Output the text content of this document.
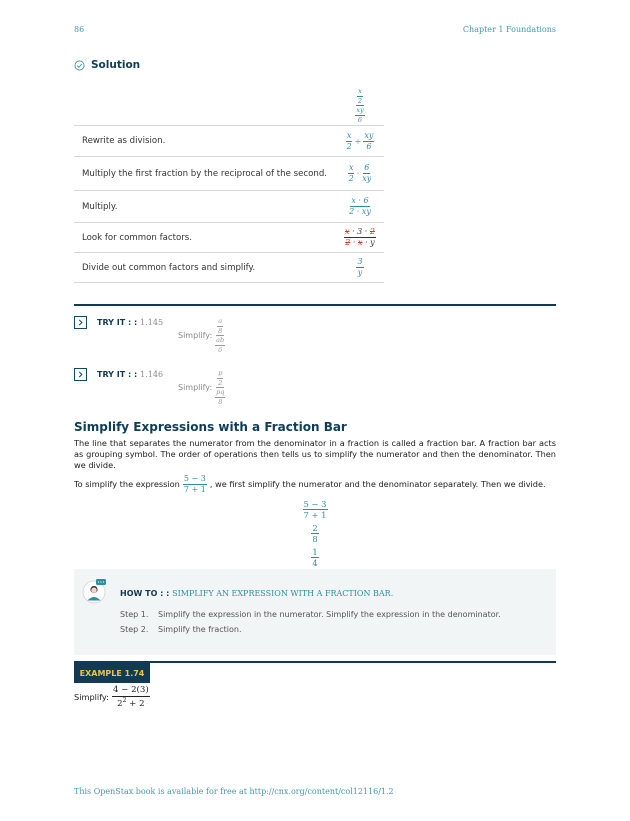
86	Chapter 1 Foundations
Solution
$\frac{\frac{x}{2}}{\frac{xy}{6}}$
Rewrite as division.	$\frac{x}{2} \div \frac{xy}{6}$
Multiply the first fraction by the reciprocal of the second.	$\frac{x}{2} \cdot \frac{6}{xy}$
Multiply.	$\frac{x \cdot 6}{2 \cdot xy}$
Look for common factors.	$\frac{x \cdot 3 \cdot 2}{2 \cdot x \cdot y}$
Divide out common factors and simplify.	$\frac{3}{y}$
TRY IT : : 1.145
Simplify: $\frac{\frac{a}{8}}{\frac{ab}{6}}$
TRY IT : : 1.146
Simplify: $\frac{\frac{p}{2}}{\frac{pq}{8}}$
Simplify Expressions with a Fraction Bar
The line that separates the numerator from the denominator in a fraction is called a fraction bar. A fraction bar acts as grouping symbol. The order of operations then tells us to simplify the numerator and then the denominator. Then we divide.
To simplify the expression $\frac{5 - 3}{7 + 1}$ , we first simplify the numerator and the denominator separately. Then we divide.
$\frac{5 - 3}{7 + 1}$
$\frac{2}{8}$
$\frac{1}{4}$
HOW TO : : SIMPLIFY AN EXPRESSION WITH A FRACTION BAR.
Step 1. Simplify the expression in the numerator. Simplify the expression in the denominator.
Step 2. Simplify the fraction.
EXAMPLE 1.74
Simplify: $\frac{4 - 2(3)}{2^2 + 2}$
This OpenStax book is available for free at http://cnx.org/content/col12116/1.2
